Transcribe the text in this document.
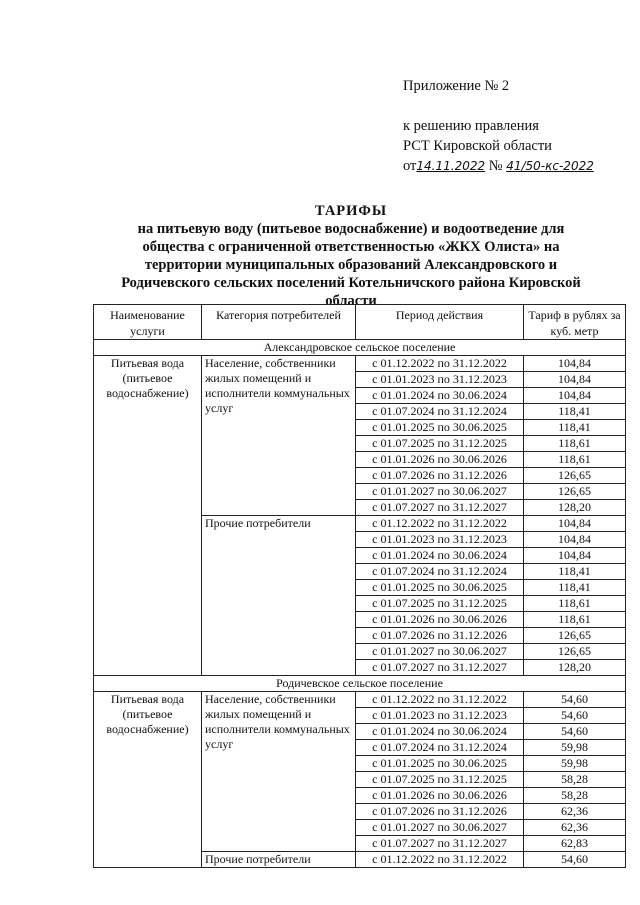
Приложение № 2
к решению правления
РСТ Кировской области
от14.11.2022 № 41/50-кс-2022
ТАРИФЫ
на питьевую воду (питьевое водоснабжение) и водоотведение для
общества с ограниченной ответственностью «ЖКХ Олиста» на
территории муниципальных образований Александровского и
Родичевского сельских поселений Котельничского района Кировской
области
Наименование услуги	Категория потребителей	Период действия	Тариф в рублях за куб. метр
Александровское сельское поселение			
Питьевая вода (питьевое водоснабжение)	Население, собственники жилых помещений и исполнители коммунальных услуг	с 01.12.2022 по 31.12.2022	104,84
		с 01.01.2023 по 31.12.2023	104,84
		с 01.01.2024 по 30.06.2024	104,84
		с 01.07.2024 по 31.12.2024	118,41
		с 01.01.2025 по 30.06.2025	118,41
		с 01.07.2025 по 31.12.2025	118,61
		с 01.01.2026 по 30.06.2026	118,61
		с 01.07.2026 по 31.12.2026	126,65
		с 01.01.2027 по 30.06.2027	126,65
		с 01.07.2027 по 31.12.2027	128,20
	Прочие потребители	с 01.12.2022 по 31.12.2022	104,84
		с 01.01.2023 по 31.12.2023	104,84
		с 01.01.2024 по 30.06.2024	104,84
		с 01.07.2024 по 31.12.2024	118,41
		с 01.01.2025 по 30.06.2025	118,41
		с 01.07.2025 по 31.12.2025	118,61
		с 01.01.2026 по 30.06.2026	118,61
		с 01.07.2026 по 31.12.2026	126,65
		с 01.01.2027 по 30.06.2027	126,65
		с 01.07.2027 по 31.12.2027	128,20
Родичевское сельское поселение			
Питьевая вода (питьевое водоснабжение)	Население, собственники жилых помещений и исполнители коммунальных услуг	с 01.12.2022 по 31.12.2022	54,60
		с 01.01.2023 по 31.12.2023	54,60
		с 01.01.2024 по 30.06.2024	54,60
		с 01.07.2024 по 31.12.2024	59,98
		с 01.01.2025 по 30.06.2025	59,98
		с 01.07.2025 по 31.12.2025	58,28
		с 01.01.2026 по 30.06.2026	58,28
		с 01.07.2026 по 31.12.2026	62,36
		с 01.01.2027 по 30.06.2027	62,36
		с 01.07.2027 по 31.12.2027	62,83
	Прочие потребители	с 01.12.2022 по 31.12.2022	54,60
